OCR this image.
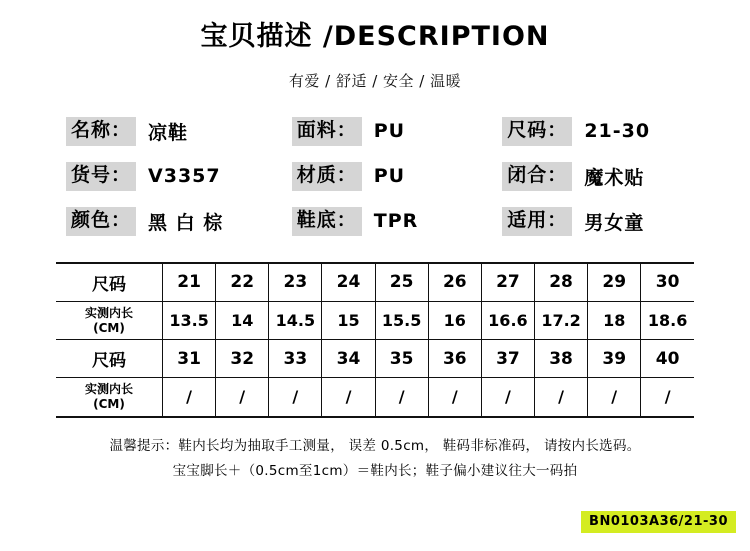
宝贝描述 /DESCRIPTION
有爱 / 舒适 / 安全 / 温暖
名称： 凉鞋	面料： PU	尺码： 21-30
货号： V3357	材质： PU	闭合： 魔术贴
颜色： 黑 白 棕	鞋底： TPR	适用： 男女童
尺码	21	22	23	24	25	26	27	28	29	30

实测内长
(CM)	13.5	14	14.5	15	15.5	16	16.6	17.2	18	18.6
尺码	31	32	33	34	35	36	37	38	39	40

实测内长
(CM)	/	/	/	/	/	/	/	/	/	/
温馨提示：鞋内长均为抽取手工测量， 误差 0.5cm， 鞋码非标准码， 请按内长选码。
宝宝脚长＋（0.5cm至1cm）＝鞋内长；鞋子偏小建议往大一码拍
BN0103A36/21-30
